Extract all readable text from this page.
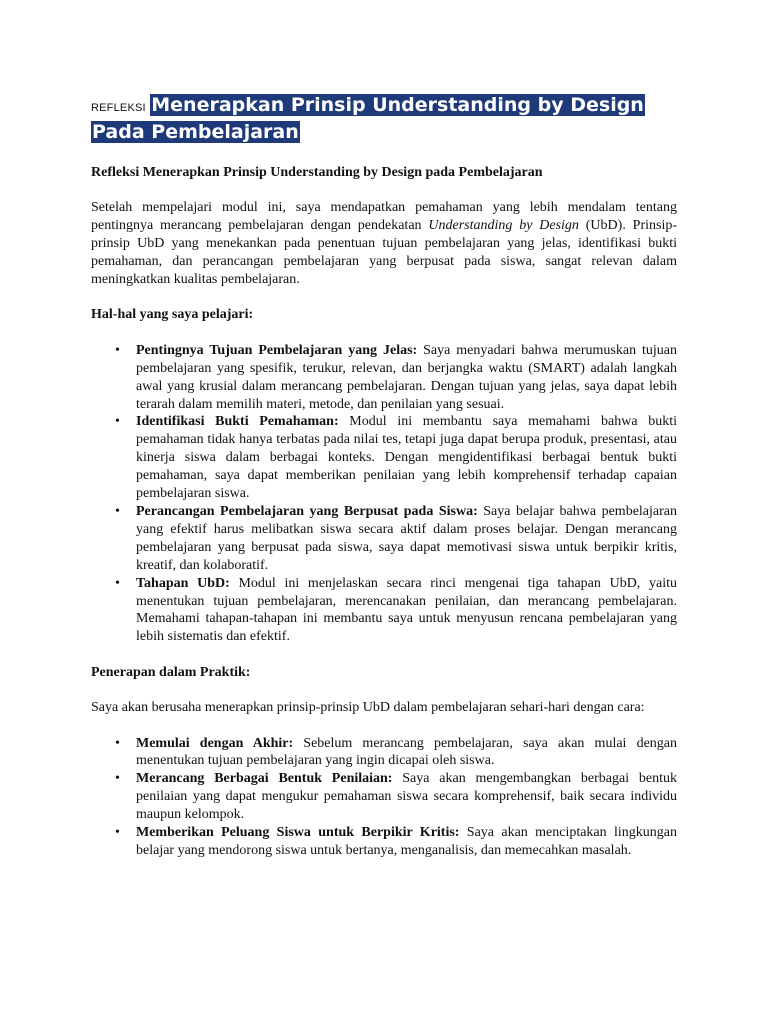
REFLEKSI Menerapkan Prinsip Understanding by Design Pada Pembelajaran

Refleksi Menerapkan Prinsip Understanding by Design pada Pembelajaran

Setelah mempelajari modul ini, saya mendapatkan pemahaman yang lebih mendalam tentang pentingnya merancang pembelajaran dengan pendekatan Understanding by Design (UbD). Prinsip-prinsip UbD yang menekankan pada penentuan tujuan pembelajaran yang jelas, identifikasi bukti pemahaman, dan perancangan pembelajaran yang berpusat pada siswa, sangat relevan dalam meningkatkan kualitas pembelajaran.

Hal-hal yang saya pelajari:

• Pentingnya Tujuan Pembelajaran yang Jelas: Saya menyadari bahwa merumuskan tujuan pembelajaran yang spesifik, terukur, relevan, dan berjangka waktu (SMART) adalah langkah awal yang krusial dalam merancang pembelajaran. Dengan tujuan yang jelas, saya dapat lebih terarah dalam memilih materi, metode, dan penilaian yang sesuai.
• Identifikasi Bukti Pemahaman: Modul ini membantu saya memahami bahwa bukti pemahaman tidak hanya terbatas pada nilai tes, tetapi juga dapat berupa produk, presentasi, atau kinerja siswa dalam berbagai konteks. Dengan mengidentifikasi berbagai bentuk bukti pemahaman, saya dapat memberikan penilaian yang lebih komprehensif terhadap capaian pembelajaran siswa.
• Perancangan Pembelajaran yang Berpusat pada Siswa: Saya belajar bahwa pembelajaran yang efektif harus melibatkan siswa secara aktif dalam proses belajar. Dengan merancang pembelajaran yang berpusat pada siswa, saya dapat memotivasi siswa untuk berpikir kritis, kreatif, dan kolaboratif.
• Tahapan UbD: Modul ini menjelaskan secara rinci mengenai tiga tahapan UbD, yaitu menentukan tujuan pembelajaran, merencanakan penilaian, dan merancang pembelajaran. Memahami tahapan-tahapan ini membantu saya untuk menyusun rencana pembelajaran yang lebih sistematis dan efektif.

Penerapan dalam Praktik:

Saya akan berusaha menerapkan prinsip-prinsip UbD dalam pembelajaran sehari-hari dengan cara:

• Memulai dengan Akhir: Sebelum merancang pembelajaran, saya akan mulai dengan menentukan tujuan pembelajaran yang ingin dicapai oleh siswa.
• Merancang Berbagai Bentuk Penilaian: Saya akan mengembangkan berbagai bentuk penilaian yang dapat mengukur pemahaman siswa secara komprehensif, baik secara individu maupun kelompok.
• Memberikan Peluang Siswa untuk Berpikir Kritis: Saya akan menciptakan lingkungan belajar yang mendorong siswa untuk bertanya, menganalisis, dan memecahkan masalah.
